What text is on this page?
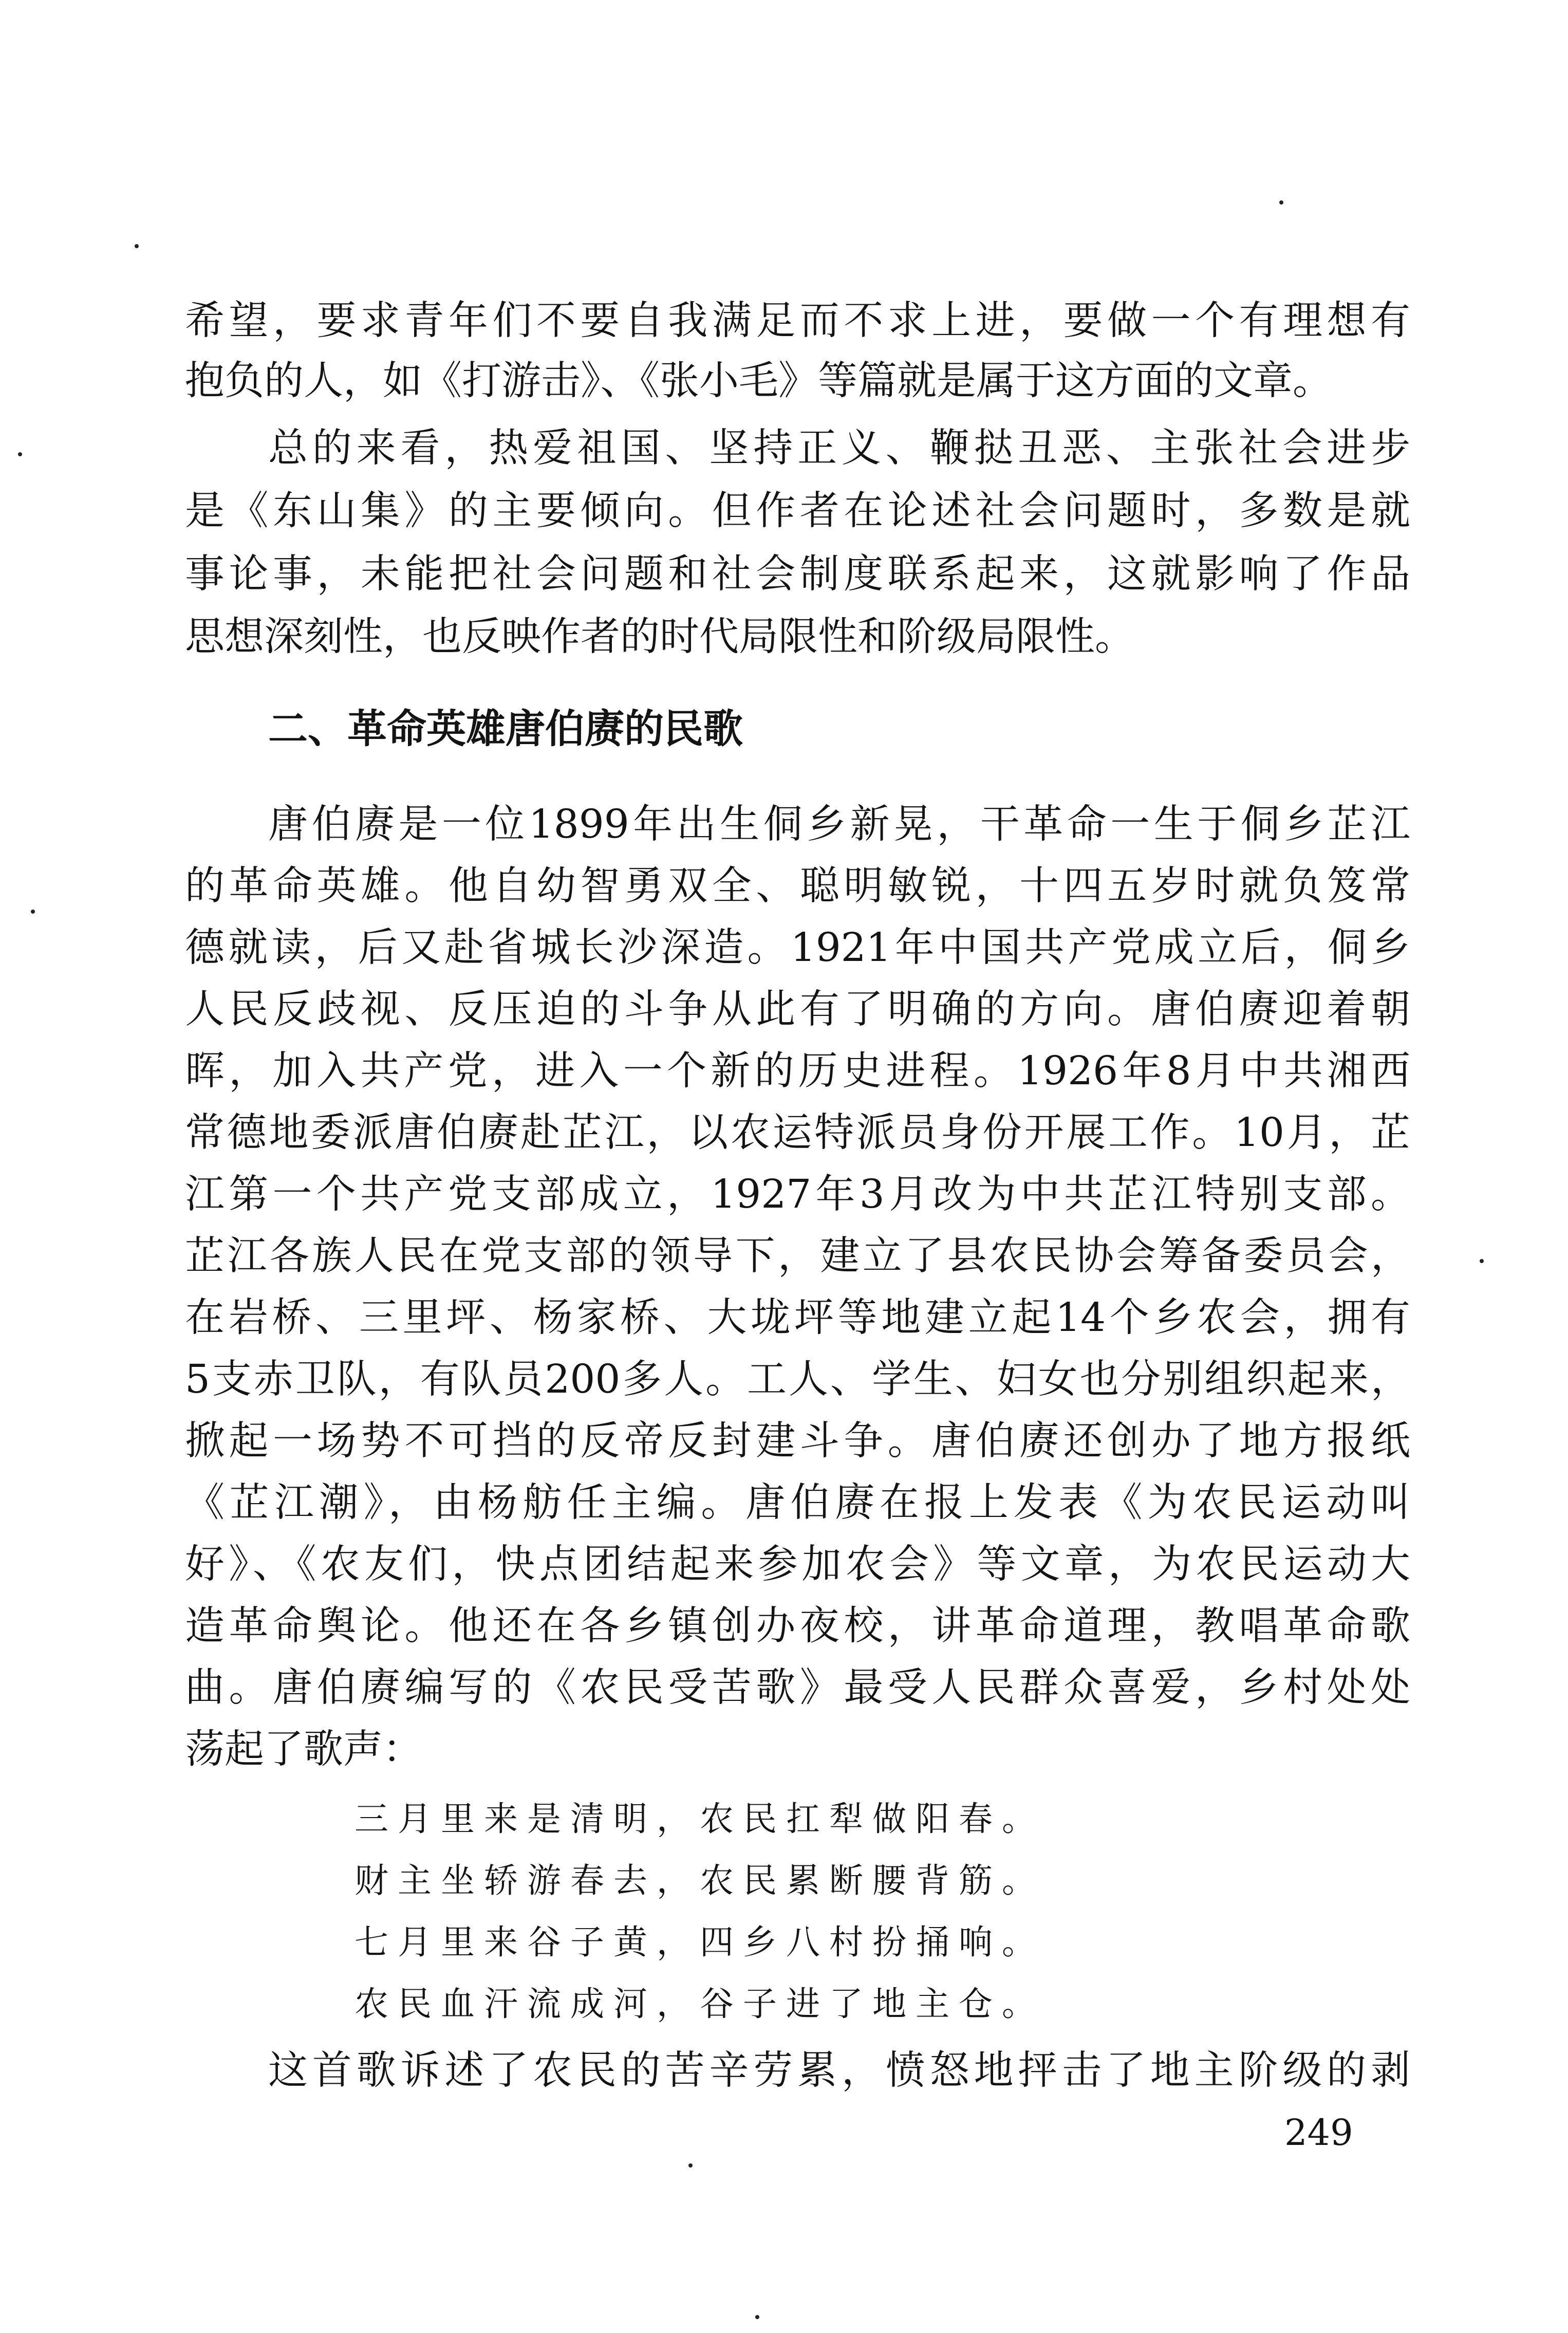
希望，要求青年们不要自我满足而不求上进，要做一个有理想有
抱负的人，如《打游击》、《张小毛》等篇就是属于这方面的文章。
总的来看，热爱祖国、坚持正义、鞭挞丑恶、主张社会进步
是《东山集》的主要倾向。但作者在论述社会问题时，多数是就
事论事，未能把社会问题和社会制度联系起来，这就影响了作品
思想深刻性，也反映作者的时代局限性和阶级局限性。
二、革命英雄唐伯赓的民歌
唐伯赓是一位1899年出生侗乡新晃，干革命一生于侗乡芷江
的革命英雄。他自幼智勇双全、聪明敏锐，十四五岁时就负笈常
德就读，后又赴省城长沙深造。1921年中国共产党成立后，侗乡
人民反歧视、反压迫的斗争从此有了明确的方向。唐伯赓迎着朝
晖，加入共产党，进入一个新的历史进程。1926年8月中共湘西
常德地委派唐伯赓赴芷江，以农运特派员身份开展工作。10月，芷
江第一个共产党支部成立，1927年3月改为中共芷江特别支部。
芷江各族人民在党支部的领导下，建立了县农民协会筹备委员会，
在岩桥、三里坪、杨家桥、大垅坪等地建立起14个乡农会，拥有
5支赤卫队，有队员200多人。工人、学生、妇女也分别组织起来，
掀起一场势不可挡的反帝反封建斗争。唐伯赓还创办了地方报纸
《芷江潮》，由杨舫任主编。唐伯赓在报上发表《为农民运动叫
好》、《农友们，快点团结起来参加农会》等文章，为农民运动大
造革命舆论。他还在各乡镇创办夜校，讲革命道理，教唱革命歌
曲。唐伯赓编写的《农民受苦歌》最受人民群众喜爱，乡村处处
荡起了歌声：
三月里来是清明，农民扛犁做阳春。
财主坐轿游春去，农民累断腰背筋。
七月里来谷子黄，四乡八村扮捅响。
农民血汗流成河，谷子进了地主仓。
这首歌诉述了农民的苦辛劳累，愤怒地抨击了地主阶级的剥
249
